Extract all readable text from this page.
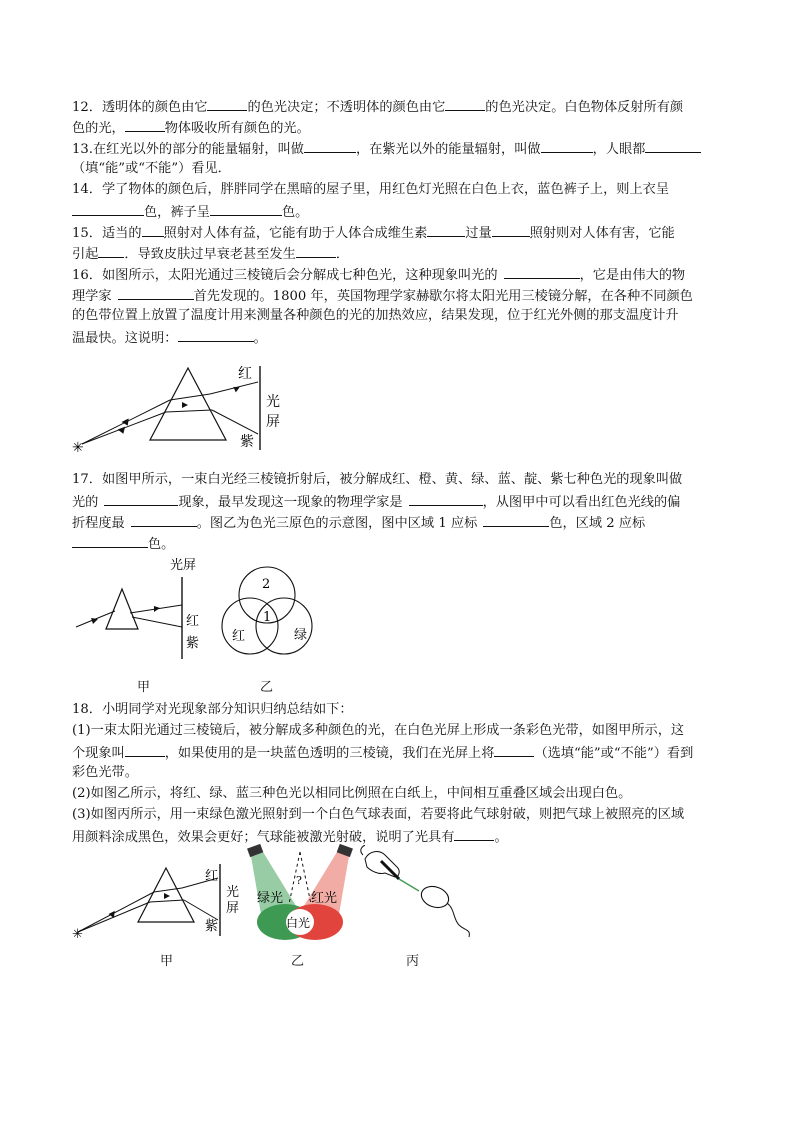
12．透明体的颜色由它	的色光决定；不透明体的颜色由它	的色光决定。白色物体反射所有颜
色的光，	物体吸收所有颜色的光。
13.在红光以外的部分的能量辐射，叫做	，在紫光以外的能量辐射，叫做	，人眼都
（填“能”或“不能”）看见．
14．学了物体的颜色后，胖胖同学在黑暗的屋子里，用红色灯光照在白色上衣，蓝色裤子上，则上衣呈
色，裤子呈	色。
15．适当的 照射对人体有益，它能有助于人体合成维生素	过量	照射则对人体有害，它能
引起 ．导致皮肤过早衰老甚至发生	．
16．如图所示，太阳光通过三棱镜后会分解成七种色光，这种现象叫光的	，它是由伟大的物
理学家	首先发现的。1800 年，英国物理学家赫歇尔将太阳光用三棱镜分解，在各种不同颜色
的色带位置上放置了温度计用来测量各种颜色的光的加热效应，结果发现，位于红光外侧的那支温度计升
温最快。这说明：	。
红
光
屏
紫
✳
17．如图甲所示，一束白光经三棱镜折射后，被分解成红、橙、黄、绿、蓝、靛、紫七种色光的现象叫做
光的	现象，最早发现这一现象的物理学家是	，从图甲中可以看出红色光线的偏
折程度最	。图乙为色光三原色的示意图，图中区域 1 应标	色，区域 2 应标
色。
光屏
红
紫
甲
2
1
红	绿
乙
18．小明同学对光现象部分知识归纳总结如下：
(1)一束太阳光通过三棱镜后，被分解成多种颜色的光，在白色光屏上形成一条彩色光带，如图甲所示，这
个现象叫	，如果使用的是一块蓝色透明的三棱镜，我们在光屏上将	（选填“能”或“不能”）看到
彩色光带。
(2)如图乙所示，将红、绿、蓝三种色光以相同比例照在白纸上，中间相互重叠区域会出现白色。
(3)如图丙所示，用一束绿色激光照射到一个白色气球表面，若要将此气球射破，则把气球上被照亮的区域
用颜料涂成黑色，效果会更好；气球能被激光射破，说明了光具有	。
红
光
屏
紫
✳
甲
绿光 红光
白光
?
乙	丙
